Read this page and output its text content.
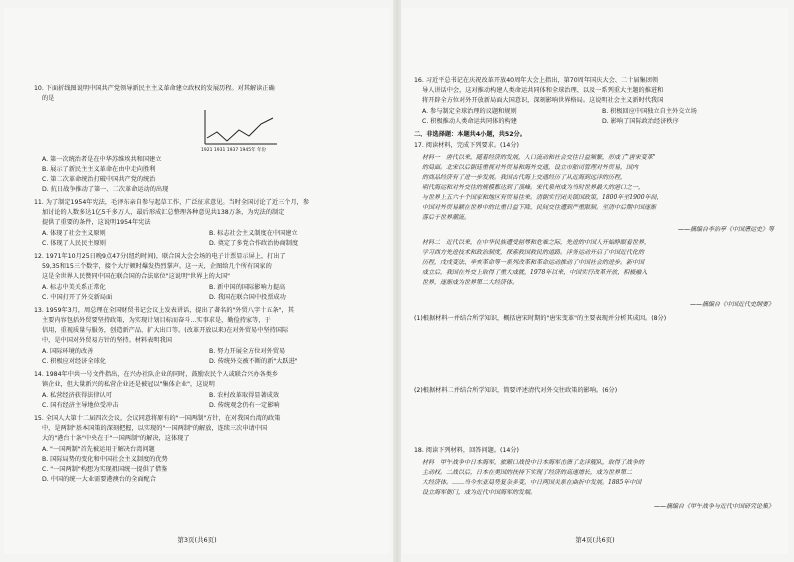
10. 下面折线图说明中国共产党领导新民主主义革命建立政权的发展历程。对其解读正确
的是
1921 1931 1937 1945年 年份
A. 第一次统治者是在中华苏维埃共和国建立
B. 展示了新民主主义革命在由中走向胜利
C. 第二次革命统治打破中国共产党的统治
D. 抗日战争推动了第一、二次革命运动的出现
11. 为了制定1954年宪法，毛泽东亲自参与起草工作，广泛征求意见。当时全国讨论了近三个月，参
加讨论的人数多达1亿5千多万人，最后形成汇总整理各种意见共138万条，为宪法的制定
提供了重要的条件，这说明1954年宪法
A. 体现了社会主义原则	B. 标志社会主义制度在中国建立
C. 体现了人民民主原则	D. 奠定了多党合作政治协商制度
12. 1971年10月25日晚9点47分(纽约时间)，联合国大会会场的电子计票显示屏上，打出了
59,35和15三个数字，接个大厅顿时爆发热烈掌声。这一天，企图给几个所有国家的
这是全世界人民赞同中国在联合国的合法席位"这说明"世界上的大国"
A. 标志中美关系正常化	B. 新中国的国际影响力提高
C. 中国打开了外交新局面	D. 我国在联合国中投票成功
13. 1959年3月，周总理在全国财贸书记会议上发表讲话，提出了著名的"外贸八字十五条"，其
主要内容包括外贸要坚持政策，为实现计划目标而奋斗...实事求是，勤俭持家等，于
信用，重视质量与服务，创造新产品、扩大出口等。(改革开放以来)在对外贸易中坚持国际
中，是中国对外贸易方针的坚持。材料表明我国
A. 国际环境的改善	B. 努力开展全方位对外贸易
C. 积极应对经济全球化	D. 传统外交被不断的新"大跃进"
14. 1984年中共一号文件指出，在兴办社队企业的同时，鼓励农民个人或联合兴办各类乡
镇企业，但大量新兴的私营企业还是被冠以"集体企业"，这说明
A. 私营经济获得法律认可	B. 农村改革取得显著成效
C. 国有经济主导地位受冲击	D. 传统观念仍有一定影响
15. 全国人大第十二届四次会议，会议同意将原有的"一国两制"方针，在对我国台湾的政策
中，是两制"基本国策的深刻把握，以实现的"一国两制"的解放，连续三次申请中国
大的"港台十条"中央在于"一国两制"的解决，这体现了
A. "一国两制"首先被运用于解决台湾问题
B. 国际局势的变化和中国社会主义制度的优势
C. "一国两制"构想为实现祖国统一提供了借鉴
D. 中国的统一大业需要港澳台的全面配合
第3页(共6页)
16. 习近平总书记在庆祝改革开放40周年大会上指出，第70周年国庆大会、二十届集团领
导人讲话中会，这对推动构建人类命运共同体和全球治理、以及一系列重大主题的推进和
将开辟全方位对外开放新局面大国意识，深刻影响世界格局。这说明社会主义新时代我国
A. 参与制定全球治理的议题和规则	B. 积极回应中国独立自主外交立场
C. 积极推动人类命运共同体的构建	D. 影响了国际政治经济秩序
二、非选择题：本题共4小题，共52分。
17. 阅读材料，完成下列要求。(14分)
材料一　唐代以来，随着经济的发展，人口流动和社会交往日益频繁，形成了"唐宋变革"
的局面。北宋以后朝廷重视对外贸易和海外交通，设立市舶司管理对外贸易，国内
的商品经济有了进一步发展。我国古代海上交通经历了从近海到远洋的历程，
明代海运和对外交往的规模都达到了顶峰。宋代泉州成为当时世界最大的港口之一，
与世界上五六十个国家和地区有贸易往来。清朝实行闭关锁国政策，1800年至1900年间，
中国对外贸易额在世界中的比重日益下降，民间交往遭到严重限制。至清中后期中国逐渐
落后于世界潮流。
——摘编自李治亭《中国漕运史》等
材料二　近代以来，在中华民族遭受屈辱和危难之际，先进的中国人开始睁眼看世界，
学习西方先进技术和政治制度，探索救国救民的道路。洋务运动开启了中国近代化的
历程，戊戌变法、辛亥革命等一系列改革和革命运动推动了中国社会的进步。新中国
成立后，我国在外交上取得了重大成就，1978年以来，中国实行改革开放，积极融入
世界，逐渐成为世界第二大经济体。
——摘编自《中国近代史纲要》
(1)根据材料一并结合所学知识，概括唐宋时期的"唐宋变革"的主要表现并分析其成因。(8分)
(2)根据材料二并结合所学知识，简要评述清代对外交往政策的影响。(6分)
18. 阅读下列材料，回答问题。(14分)
材料　甲午战争中日本海军，旅顺口战役中日本海军击溃了北洋舰队，取得了战争的
主动权。二战以后，日本在美国的扶持下实现了经济的高速增长，成为世界第二
大经济体。……当今东亚局势复杂多变，中日两国关系在曲折中发展。1885年中国
设立海军衙门，成为近代中国海军的发端。
——摘编自《甲午战争与近代中国研究论集》
第4页(共6页)
